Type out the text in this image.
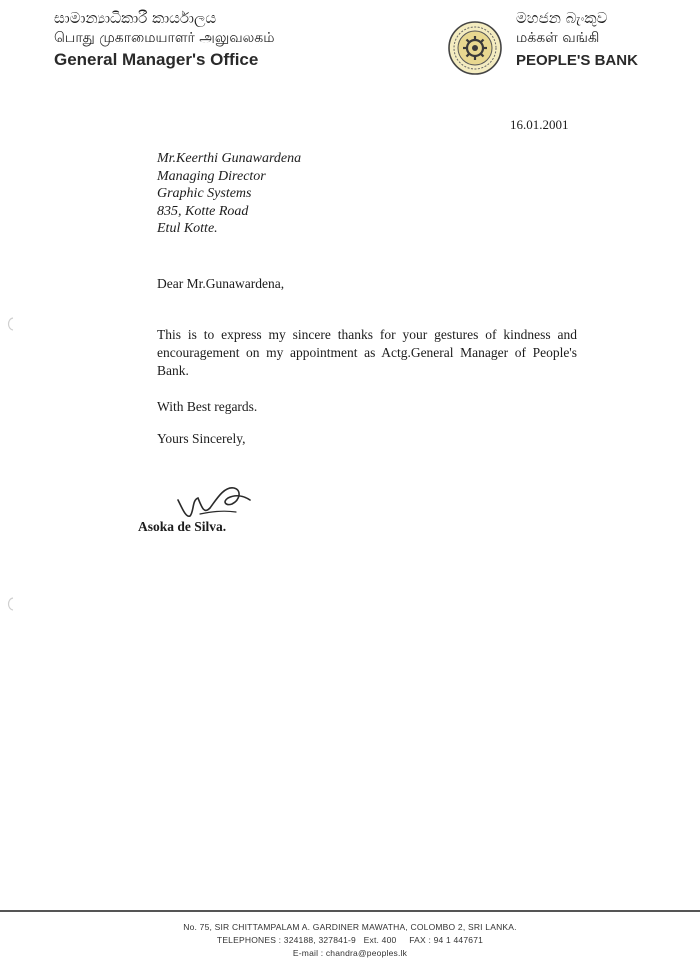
සාමාන්‍යාධිකාරී කාර්යාලය
பொது முகாமையாளர் அலுவலகம்
General Manager's Office
මහජන බැංකුව
மக்கள் வங்கி
PEOPLE'S BANK
16.01.2001
Mr.Keerthi Gunawardena
Managing Director
Graphic Systems
835, Kotte Road
Etul Kotte.
Dear Mr.Gunawardena,
This is to express my sincere thanks for your gestures of kindness and encouragement on my appointment as Actg.General Manager of People's Bank.
With Best regards.
Yours Sincerely,
Asoka de Silva.
No. 75, SIR CHITTAMPALAM A. GARDINER MAWATHA, COLOMBO 2, SRI LANKA.
TELEPHONES : 324188, 327841-9   Ext. 400     FAX : 94 1 447671
E-mail : chandra@peoples.lk
